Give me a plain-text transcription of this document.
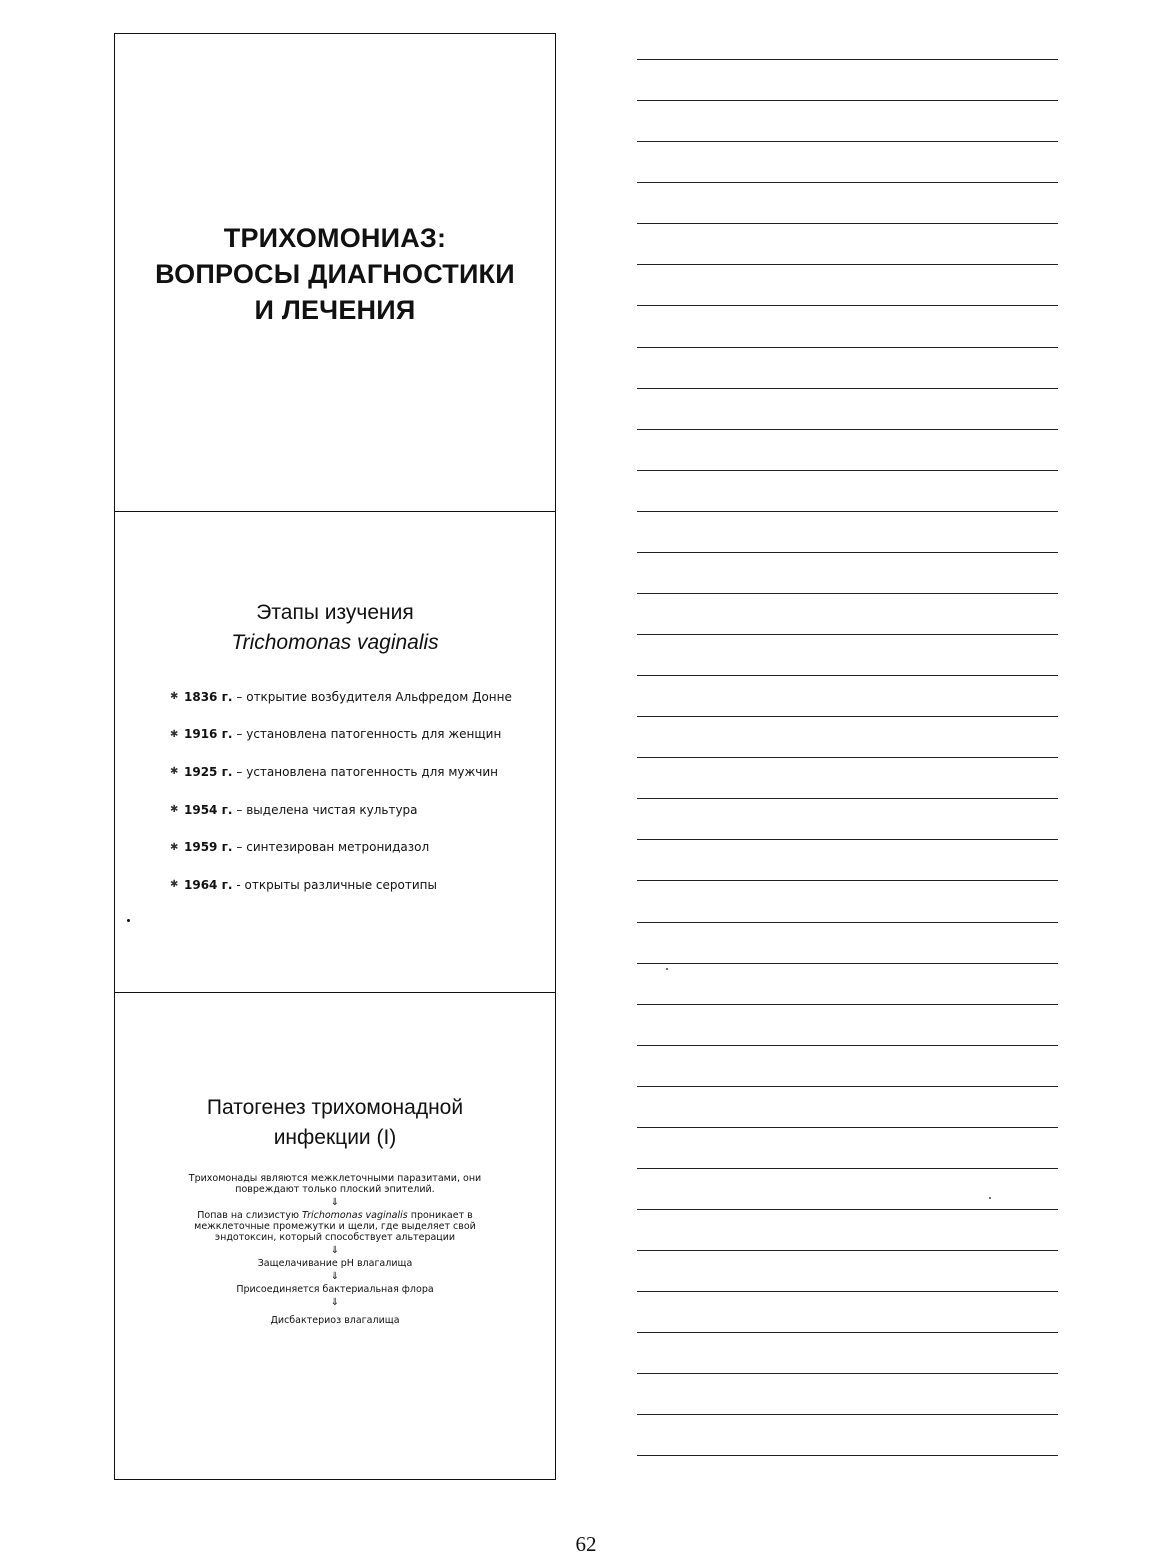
ТРИХОМОНИАЗ:
ВОПРОСЫ ДИАГНОСТИКИ
И ЛЕЧЕНИЯ
Этапы изучения
Trichomonas vaginalis
✱ 1836 г. – открытие возбудителя Альфредом Донне
✱ 1916 г. – установлена патогенность для женщин
✱ 1925 г. – установлена патогенность для мужчин
✱ 1954 г. – выделена чистая культура
✱ 1959 г. – синтезирован метронидазол
✱ 1964 г. - открыты различные серотипы
Патогенез трихомонадной
инфекции (I)
Трихомонады являются межклеточными паразитами, они
повреждают только плоский эпителий.
⇓
Попав на слизистую Trichomonas vaginalis проникает в
межклеточные промежутки и щели, где выделяет свой
эндотоксин, который способствует альтерации
⇓
Защелачивание pH влагалища
⇓
Присоединяется бактериальная флора
⇓
Дисбактериоз влагалища
62
